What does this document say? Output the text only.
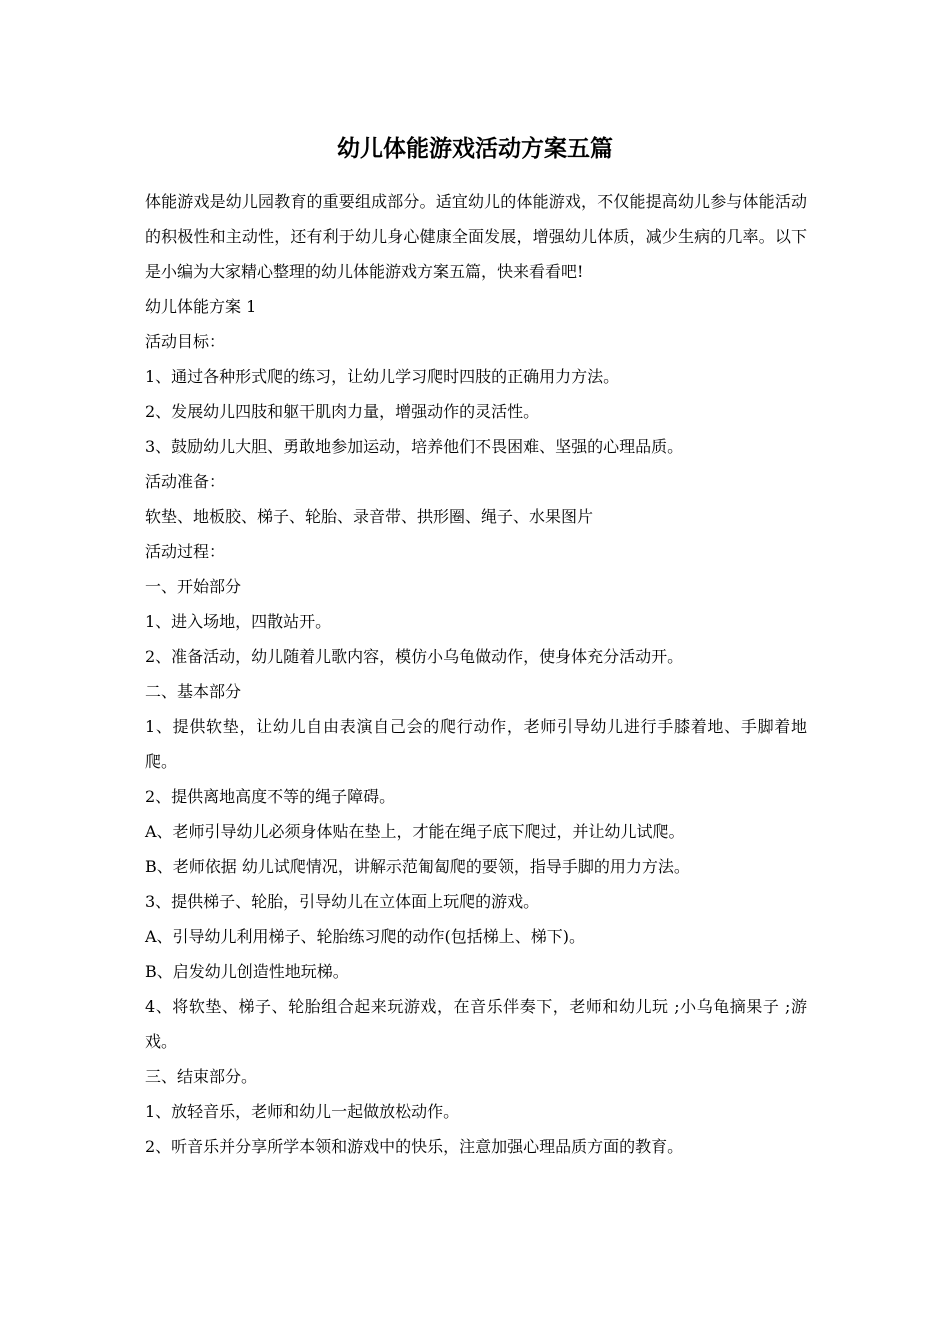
幼儿体能游戏活动方案五篇

体能游戏是幼儿园教育的重要组成部分。适宜幼儿的体能游戏，不仅能提高幼儿参与体能活动的积极性和主动性，还有利于幼儿身心健康全面发展，增强幼儿体质，减少生病的几率。以下是小编为大家精心整理的幼儿体能游戏方案五篇，快来看看吧!

幼儿体能方案 1

活动目标：

1、通过各种形式爬的练习，让幼儿学习爬时四肢的正确用力方法。

2、发展幼儿四肢和躯干肌肉力量，增强动作的灵活性。

3、鼓励幼儿大胆、勇敢地参加运动，培养他们不畏困难、坚强的心理品质。

活动准备：

软垫、地板胶、梯子、轮胎、录音带、拱形圈、绳子、水果图片

活动过程：

一、开始部分

1、进入场地，四散站开。

2、准备活动，幼儿随着儿歌内容，模仿小乌龟做动作，使身体充分活动开。

二、基本部分

1、提供软垫，让幼儿自由表演自己会的爬行动作，老师引导幼儿进行手膝着地、手脚着地爬。

2、提供离地高度不等的绳子障碍。

A、老师引导幼儿必须身体贴在垫上，才能在绳子底下爬过，并让幼儿试爬。

B、老师依据 幼儿试爬情况，讲解示范匍匐爬的要领，指导手脚的用力方法。

3、提供梯子、轮胎，引导幼儿在立体面上玩爬的游戏。

A、引导幼儿利用梯子、轮胎练习爬的动作(包括梯上、梯下)。

B、启发幼儿创造性地玩梯。

4、将软垫、梯子、轮胎组合起来玩游戏，在音乐伴奏下，老师和幼儿玩 ;小乌龟摘果子 ;游戏。

三、结束部分。

1、放轻音乐，老师和幼儿一起做放松动作。

2、听音乐并分享所学本领和游戏中的快乐，注意加强心理品质方面的教育。
